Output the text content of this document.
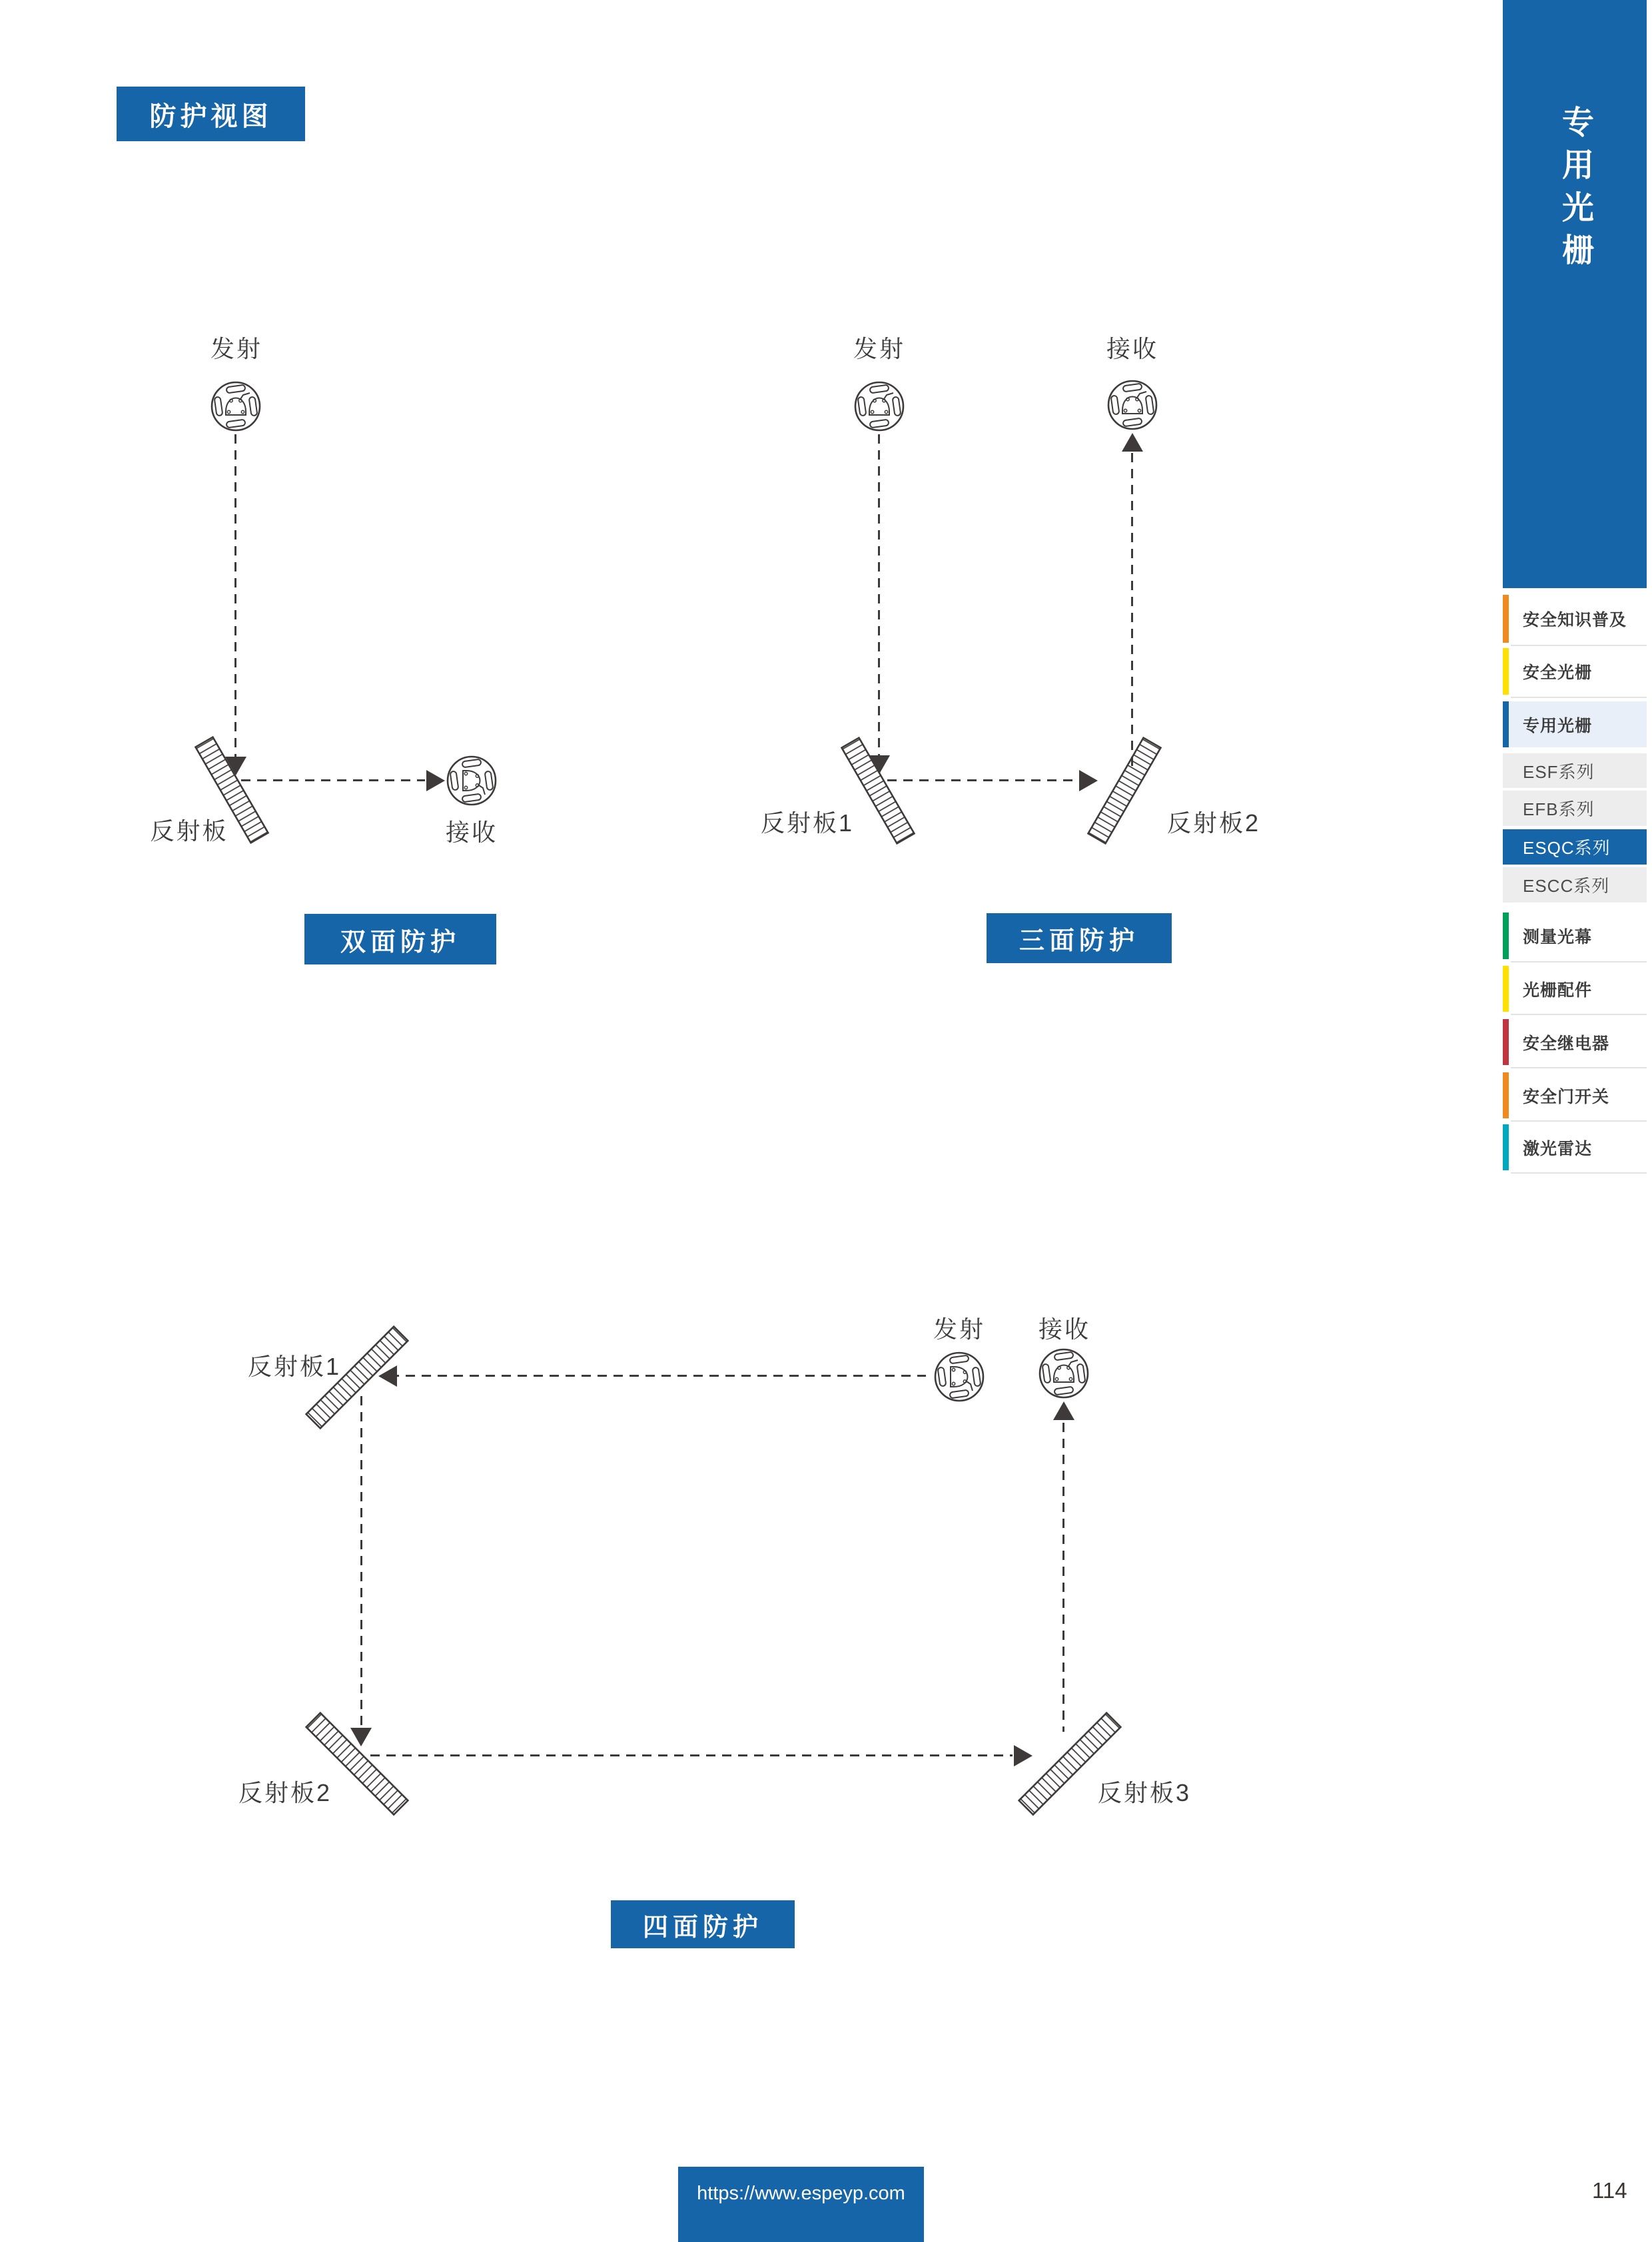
防护视图
发射
反射板	接收
双面防护
发射	接收
反射板1	反射板2
三面防护
发射 接收
反射板1
反射板2	反射板3
四面防护
专用光栅
安全知识普及
安全光栅
专用光栅
ESF系列
EFB系列
ESQC系列
ESCC系列
测量光幕
光栅配件
安全继电器
安全门开关
激光雷达
https://www.espeyp.com	114
